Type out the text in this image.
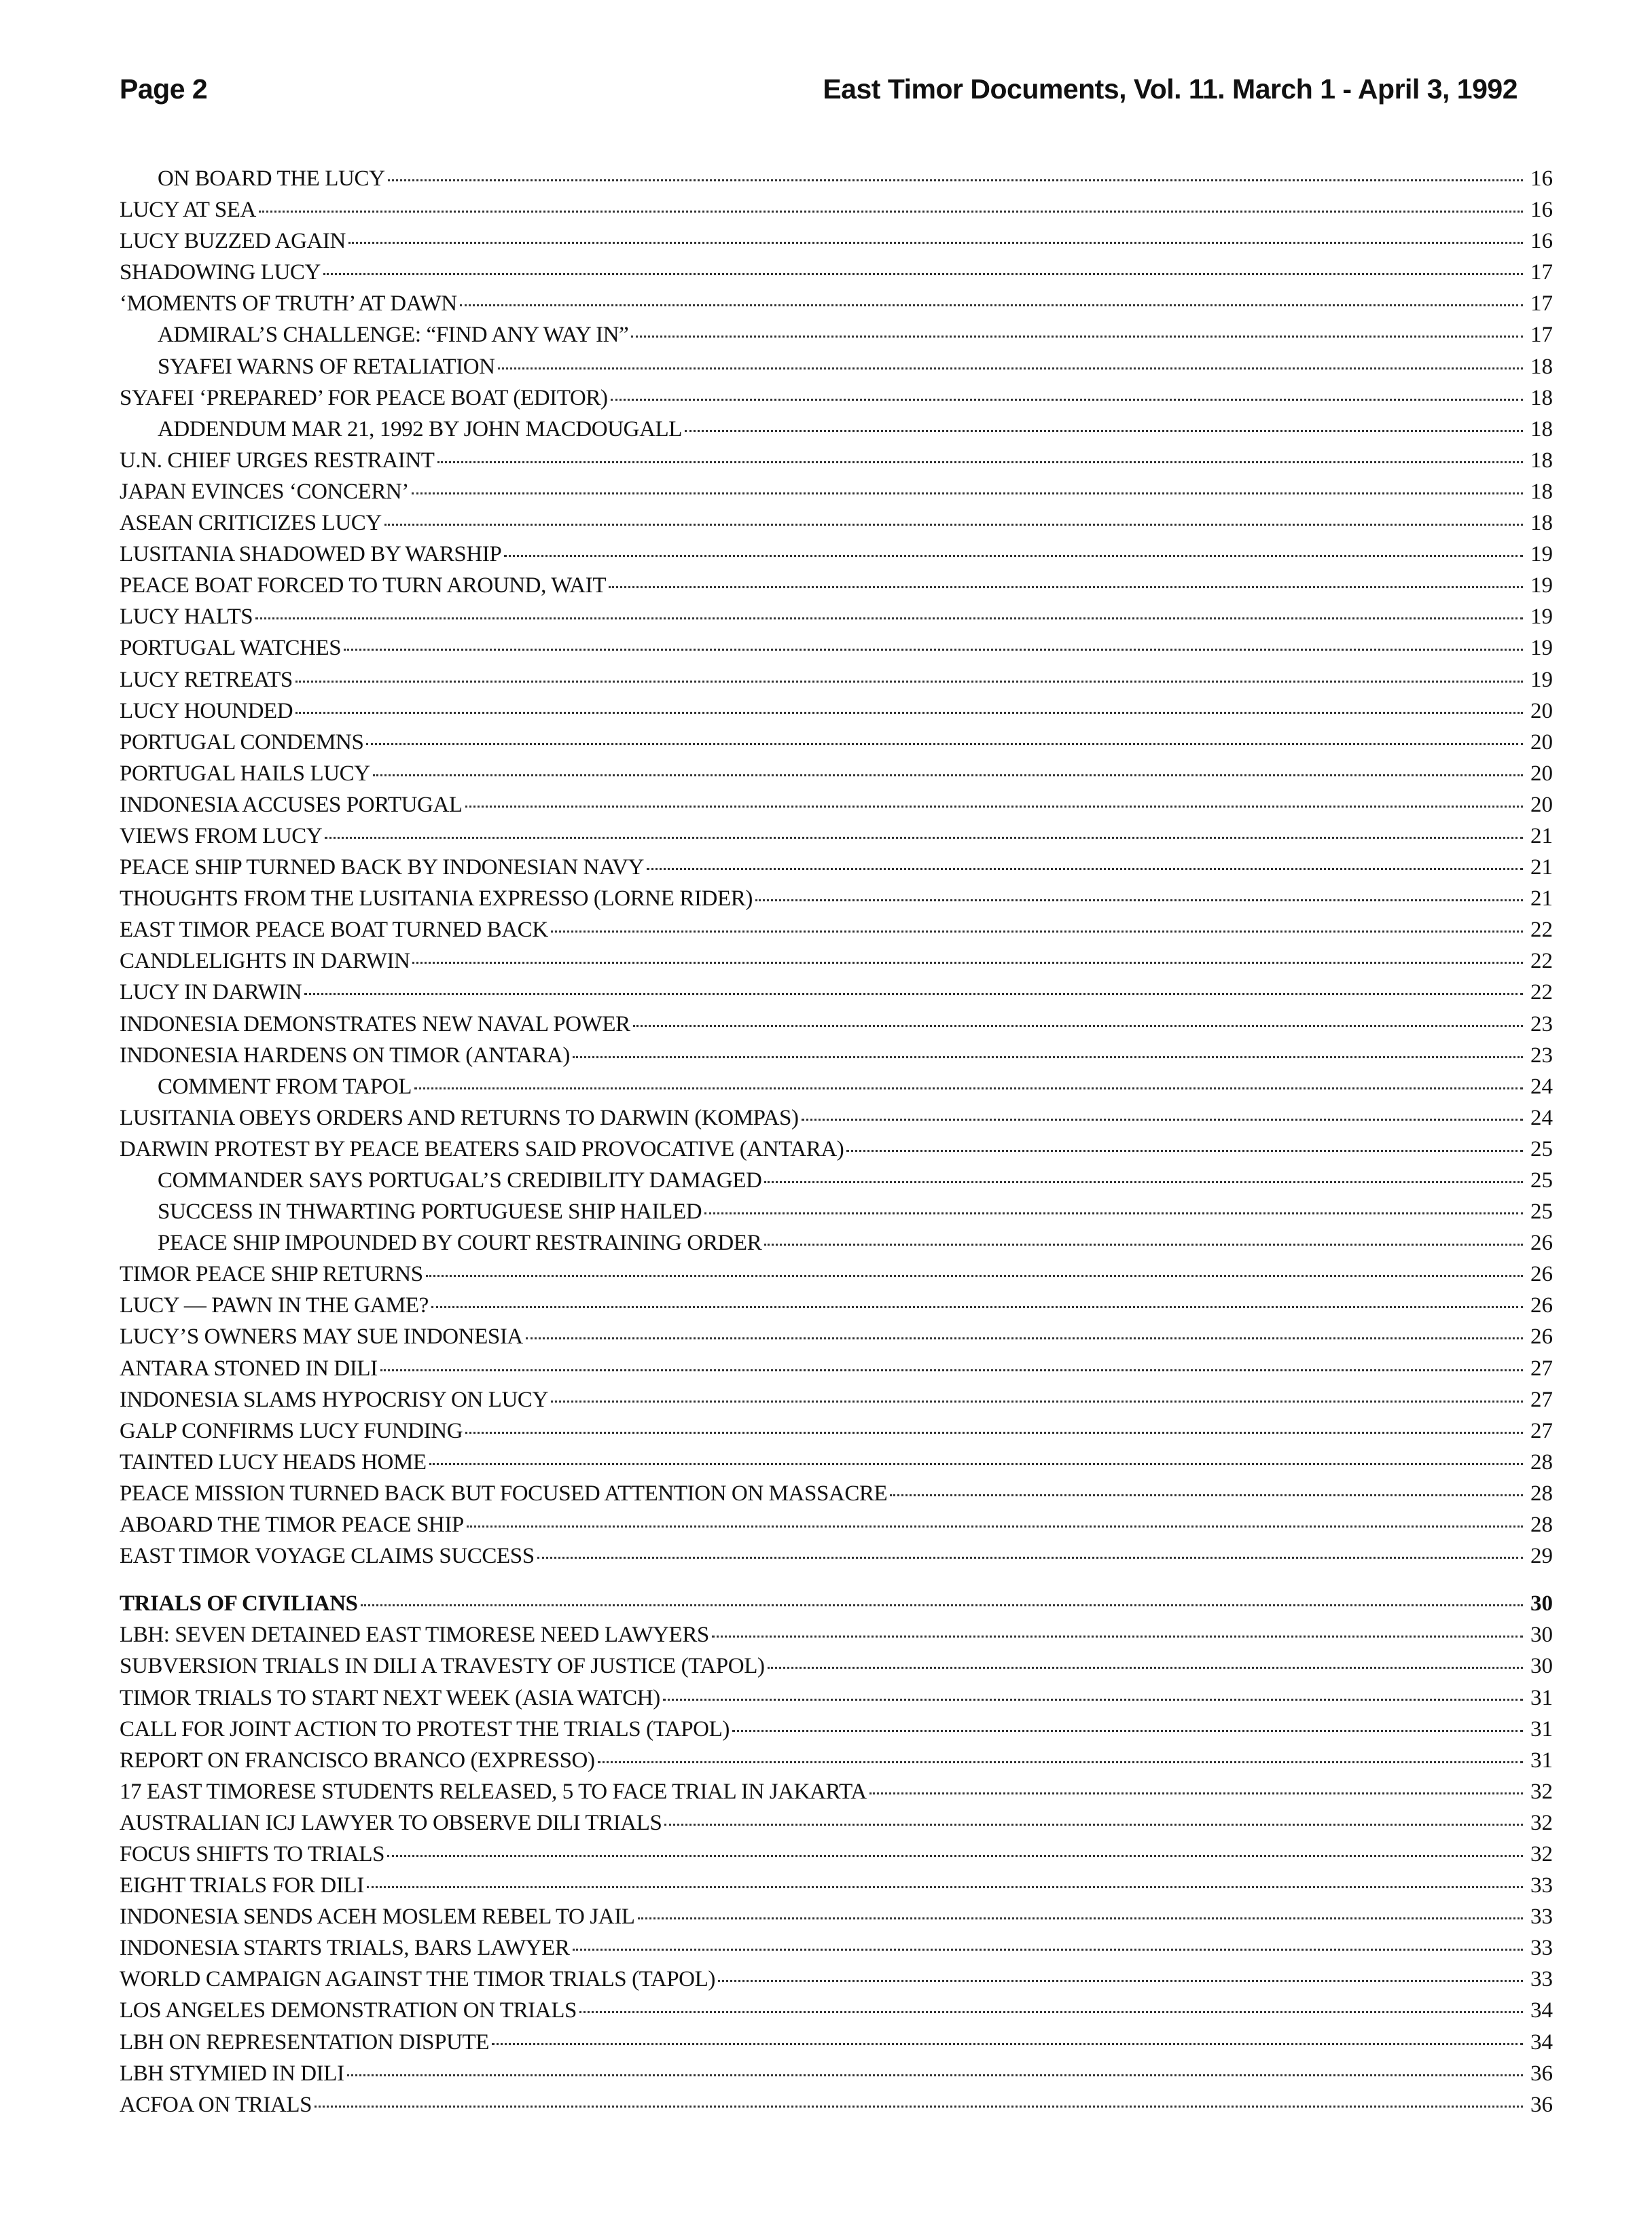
Page 2	East Timor Documents, Vol. 11. March 1 - April 3, 1992
ON BOARD THE LUCY	16
LUCY AT SEA	16
LUCY BUZZED AGAIN	16
SHADOWING LUCY	17
‘MOMENTS OF TRUTH’ AT DAWN	17
ADMIRAL’S CHALLENGE: “FIND ANY WAY IN”	17
SYAFEI WARNS OF RETALIATION	18
SYAFEI ‘PREPARED’ FOR PEACE BOAT (EDITOR)	18
ADDENDUM MAR 21, 1992 BY JOHN MACDOUGALL	18
U.N. CHIEF URGES RESTRAINT	18
JAPAN EVINCES ‘CONCERN’	18
ASEAN CRITICIZES LUCY	18
LUSITANIA SHADOWED BY WARSHIP	19
PEACE BOAT FORCED TO TURN AROUND, WAIT	19
LUCY HALTS	19
PORTUGAL WATCHES	19
LUCY RETREATS	19
LUCY HOUNDED	20
PORTUGAL CONDEMNS	20
PORTUGAL HAILS LUCY	20
INDONESIA ACCUSES PORTUGAL	20
VIEWS FROM LUCY	21
PEACE SHIP TURNED BACK BY INDONESIAN NAVY	21
THOUGHTS FROM THE LUSITANIA EXPRESSO (LORNE RIDER)	21
EAST TIMOR PEACE BOAT TURNED BACK	22
CANDLELIGHTS IN DARWIN	22
LUCY IN DARWIN	22
INDONESIA DEMONSTRATES NEW NAVAL POWER	23
INDONESIA HARDENS ON TIMOR (ANTARA)	23
COMMENT FROM TAPOL	24
LUSITANIA OBEYS ORDERS AND RETURNS TO DARWIN (KOMPAS)	24
DARWIN PROTEST BY PEACE BEATERS SAID PROVOCATIVE (ANTARA)	25
COMMANDER SAYS PORTUGAL’S CREDIBILITY DAMAGED	25
SUCCESS IN THWARTING PORTUGUESE SHIP HAILED	25
PEACE SHIP IMPOUNDED BY COURT RESTRAINING ORDER	26
TIMOR PEACE SHIP RETURNS	26
LUCY — PAWN IN THE GAME?	26
LUCY’S OWNERS MAY SUE INDONESIA	26
ANTARA STONED IN DILI	27
INDONESIA SLAMS HYPOCRISY ON LUCY	27
GALP CONFIRMS LUCY FUNDING	27
TAINTED LUCY HEADS HOME	28
PEACE MISSION TURNED BACK BUT FOCUSED ATTENTION ON MASSACRE	28
ABOARD THE TIMOR PEACE SHIP	28
EAST TIMOR VOYAGE CLAIMS SUCCESS	29
TRIALS OF CIVILIANS	30
LBH: SEVEN DETAINED EAST TIMORESE NEED LAWYERS	30
SUBVERSION TRIALS IN DILI A TRAVESTY OF JUSTICE (TAPOL)	30
TIMOR TRIALS TO START NEXT WEEK (ASIA WATCH)	31
CALL FOR JOINT ACTION TO PROTEST THE TRIALS (TAPOL)	31
REPORT ON FRANCISCO BRANCO (EXPRESSO)	31
17 EAST TIMORESE STUDENTS RELEASED, 5 TO FACE TRIAL IN JAKARTA	32
AUSTRALIAN ICJ LAWYER TO OBSERVE DILI TRIALS	32
FOCUS SHIFTS TO TRIALS	32
EIGHT TRIALS FOR DILI	33
INDONESIA SENDS ACEH MOSLEM REBEL TO JAIL	33
INDONESIA STARTS TRIALS, BARS LAWYER	33
WORLD CAMPAIGN AGAINST THE TIMOR TRIALS (TAPOL)	33
LOS ANGELES DEMONSTRATION ON TRIALS	34
LBH ON REPRESENTATION DISPUTE	34
LBH STYMIED IN DILI	36
ACFOA ON TRIALS	36
